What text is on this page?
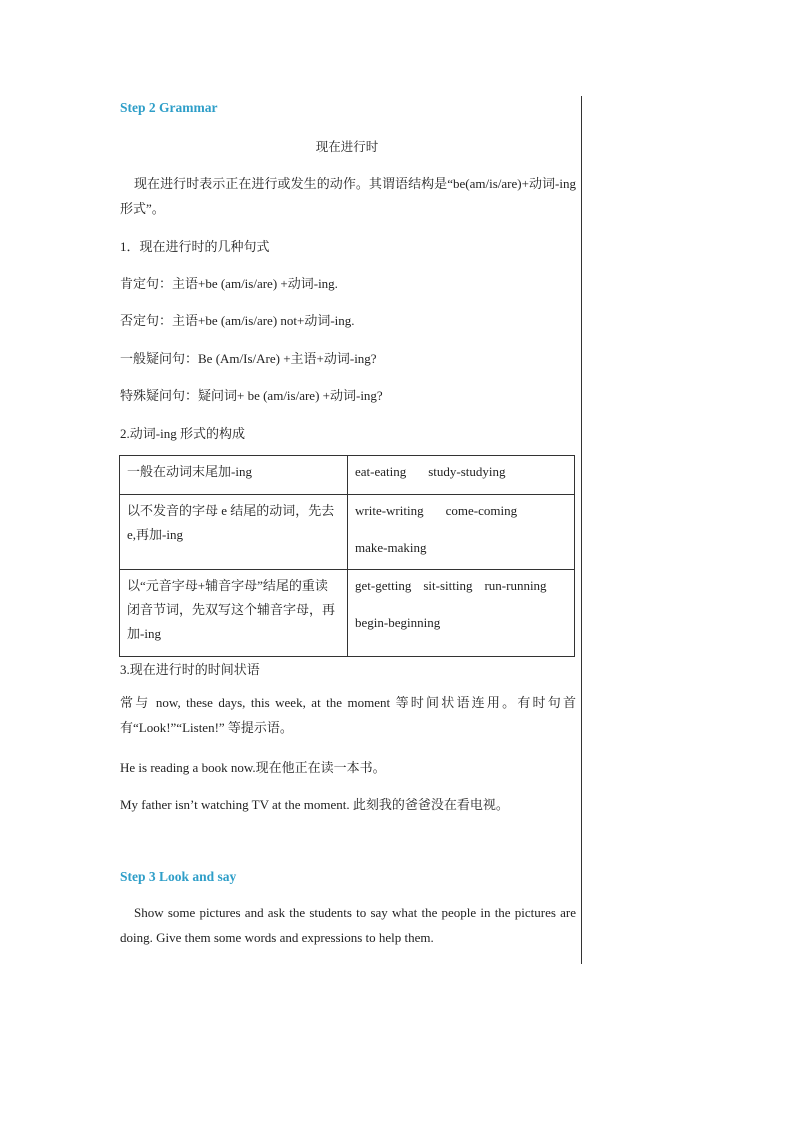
Step 2 Grammar
现在进行时
现在进行时表示正在进行或发生的动作。其谓语结构是“be(am/is/are)+动词-ing 形式”。
1．现在进行时的几种句式
肯定句：主语+be (am/is/are) +动词-ing.
否定句：主语+be (am/is/are) not+动词-ing.
一般疑问句：Be (Am/Is/Are) +主语+动词-ing?
特殊疑问句：疑问词+ be (am/is/are) +动词-ing?
2.动词-ing 形式的构成
一般在动词末尾加-ing	eat-eating study-studying

以不发音的字母 e 结尾的动词，先去 e,再加-ing	write-writing come-coming
make-making

以“元音字母+辅音字母”结尾的重读闭音节词，先双写这个辅音字母，再加-ing	get-getting sit-sitting run-running
begin-beginning
3.现在进行时的时间状语
常与 now, these days, this week, at the moment 等时间状语连用。有时句首有“Look!”“Listen!” 等提示语。
He is reading a book now.现在他正在读一本书。
My father isn’t watching TV at the moment. 此刻我的爸爸没在看电视。
Step 3 Look and say
Show some pictures and ask the students to say what the people in the pictures are doing. Give them some words and expressions to help them.
